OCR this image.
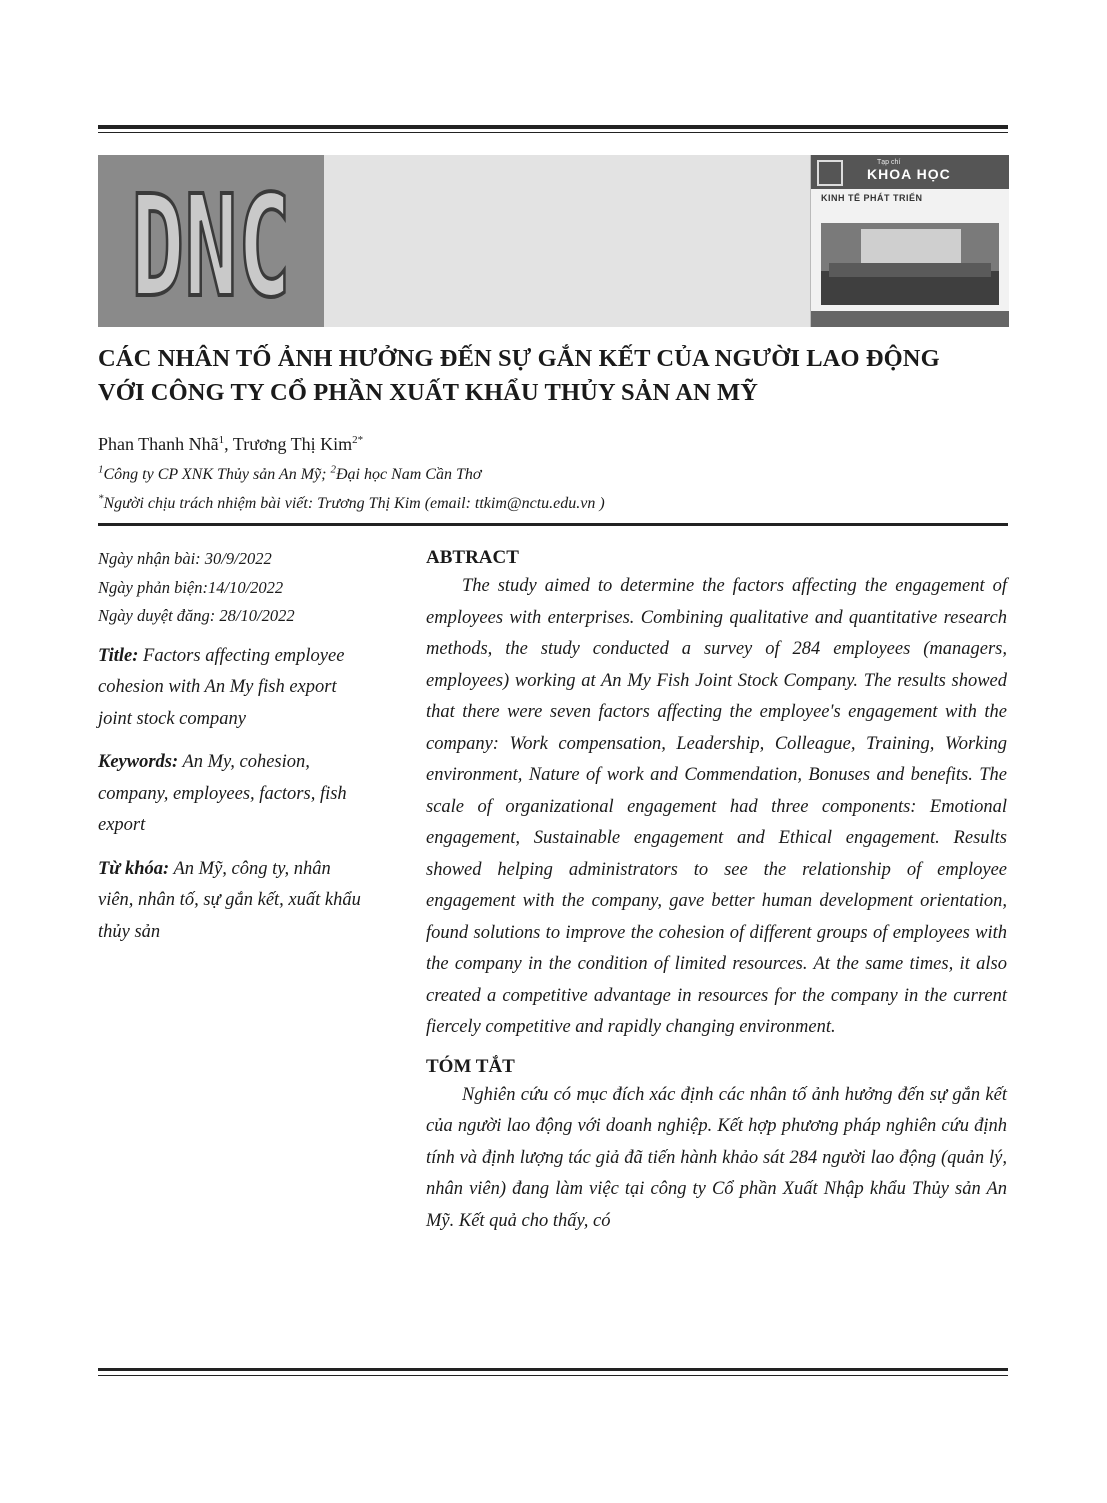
DNC
Tạp chí
KHOA HỌC
KINH TẾ PHÁT TRIỂN
CÁC NHÂN TỐ ẢNH HƯỞNG ĐẾN SỰ GẮN KẾT CỦA NGƯỜI LAO ĐỘNG
VỚI CÔNG TY CỔ PHẦN XUẤT KHẨU THỦY SẢN AN MỸ
Phan Thanh Nhã$^1$, Trương Thị Kim$^{2*}$
$^1$Công ty CP XNK Thủy sản An Mỹ; $^2$Đại học Nam Cần Thơ
*Người chịu trách nhiệm bài viết: Trương Thị Kim (email: ttkim@nctu.edu.vn )

Ngày nhận bài: 30/9/2022

Ngày phản biện:14/10/2022

Ngày duyệt đăng: 28/10/2022

Title: Factors affecting employee cohesion with An My fish export joint stock company

Keywords: An My, cohesion, company, employees, factors, fish export

Từ khóa: An Mỹ, công ty, nhân viên, nhân tố, sự gắn kết, xuất khẩu thủy sản

ABTRACT

The study aimed to determine the factors affecting the engagement of employees with enterprises. Combining qualitative and quantitative research methods, the study conducted a survey of 284 employees (managers, employees) working at An My Fish Joint Stock Company. The results showed that there were seven factors affecting the employee's engagement with the company: Work compensation, Leadership, Colleague, Training, Working environment, Nature of work and Commendation, Bonuses and benefits. The scale of organizational engagement had three components: Emotional engagement, Sustainable engagement and Ethical engagement. Results showed helping administrators to see the relationship of employee engagement with the company, gave better human development orientation, found solutions to improve the cohesion of different groups of employees with the company in the condition of limited resources. At the same times, it also created a competitive advantage in resources for the company in the current fiercely competitive and rapidly changing environment.

TÓM TẮT

Nghiên cứu có mục đích xác định các nhân tố ảnh hưởng đến sự gắn kết của người lao động với doanh nghiệp. Kết hợp phương pháp nghiên cứu định tính và định lượng tác giả đã tiến hành khảo sát 284 người lao động (quản lý, nhân viên) đang làm việc tại công ty Cổ phần Xuất Nhập khẩu Thủy sản An Mỹ. Kết quả cho thấy, có
